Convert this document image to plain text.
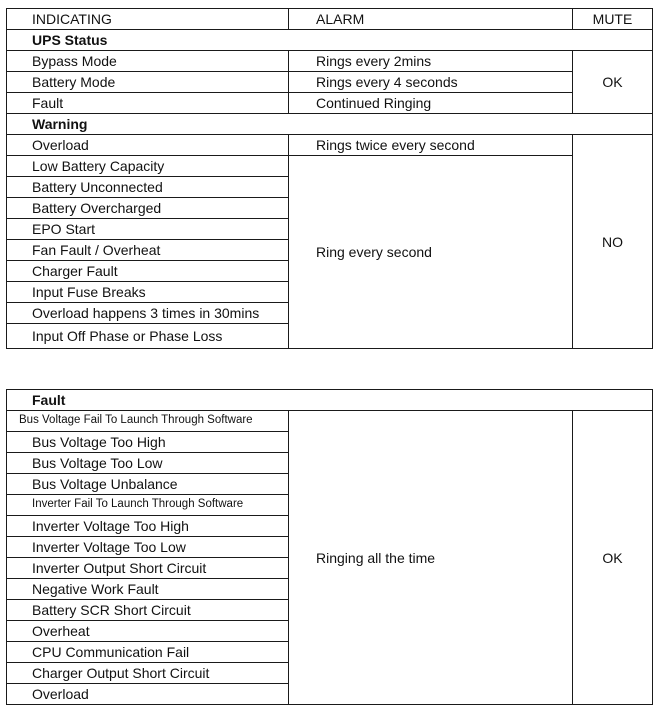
INDICATING	ALARM	MUTE
UPS Status		
Bypass Mode	Rings every 2mins	OK
Battery Mode	Rings every 4 seconds	
Fault	Continued Ringing	
Warning		
Overload	Rings twice every second	NO
Low Battery Capacity	Ring every second	
Battery Unconnected		
Battery Overcharged		
EPO Start		
Fan Fault / Overheat		
Charger Fault		
Input Fuse Breaks		
Overload happens 3 times in 30mins		
Input Off Phase or Phase Loss		
Fault
Bus Voltage Fail To Launch Through Software	Ringing all the time	OK
Bus Voltage Too High
Bus Voltage Too Low
Bus Voltage Unbalance
Inverter Fail To Launch Through Software
Inverter Voltage Too High
Inverter Voltage Too Low
Inverter Output Short Circuit
Negative Work Fault
Battery SCR Short Circuit
Overheat
CPU Communication Fail
Charger Output Short Circuit
Overload
